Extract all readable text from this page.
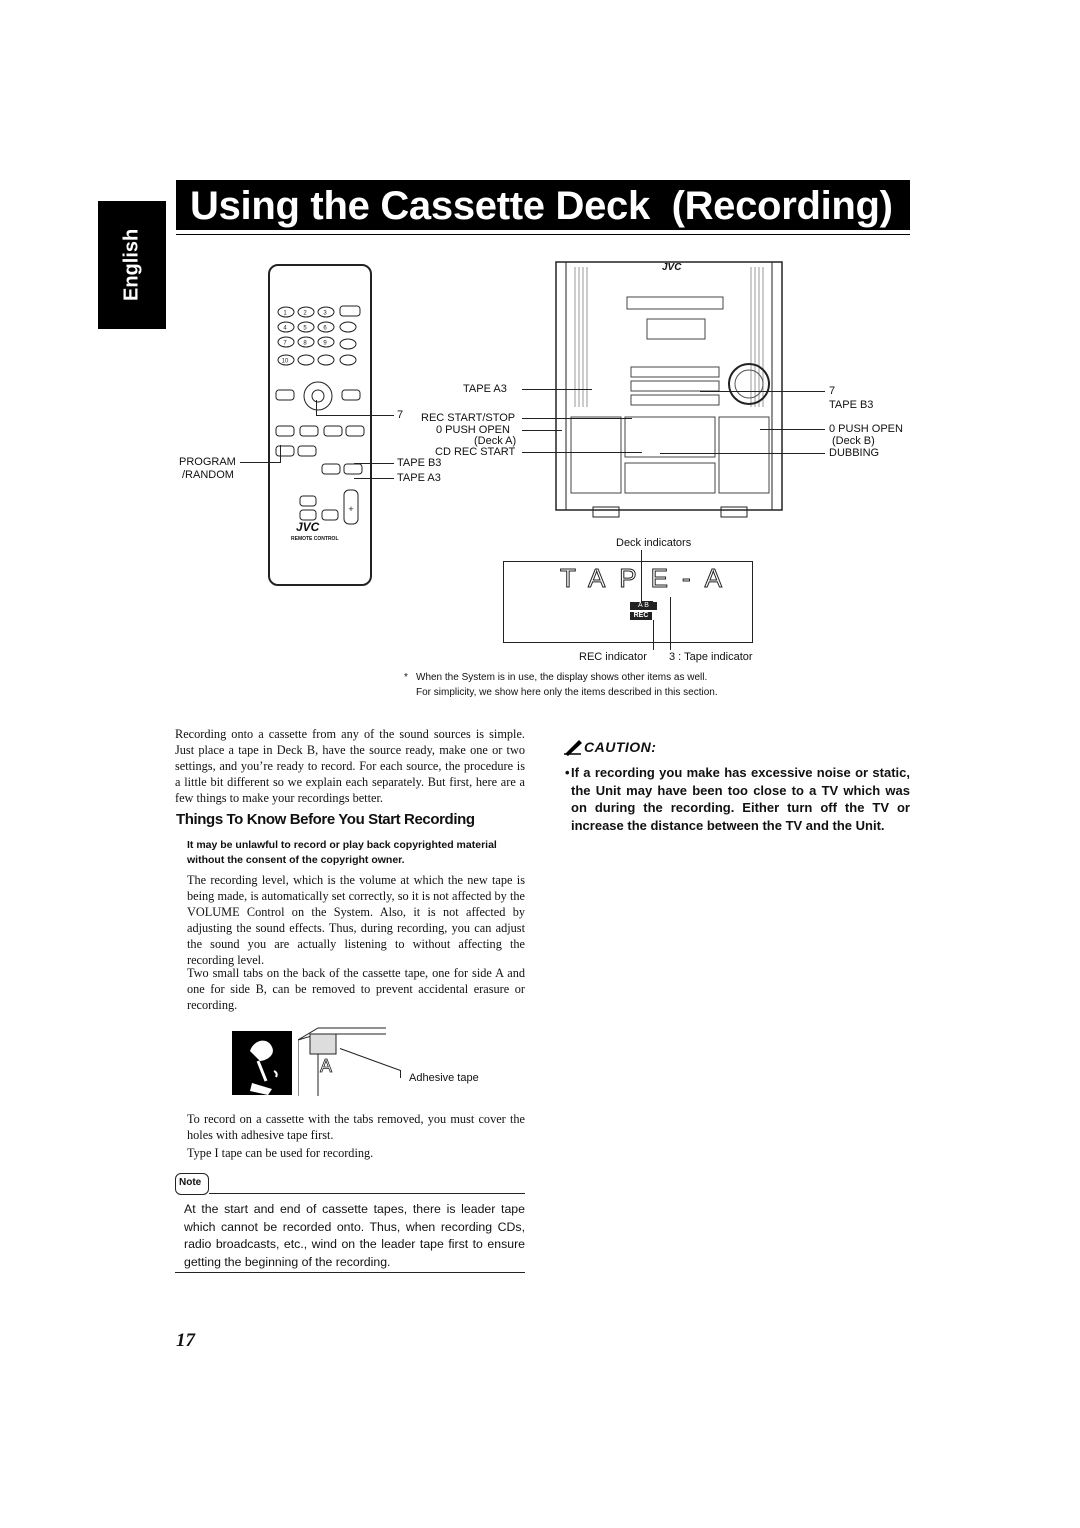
Using the Cassette Deck  (Recording)
English
1	2	3
4	5	6
7	8	9
10
+
JVC
REMOTE CONTROL
PROGRAM
/RANDOM
7
JVC
TAPE A3
REC START/STOP
0 PUSH OPEN
(Deck A)
CD REC START
TAPE B3
TAPE A3
7
TAPE B3
0 PUSH OPEN
(Deck B)
DUBBING
Deck indicators
TAPE-A
A B
REC
REC indicator 3 : Tape indicator
* When the System is in use, the display shows other items as well.
For simplicity, we show here only the items described in this section.
Recording onto a cassette from any of the sound sources is simple. Just place a tape in Deck B, have the source ready, make one or two settings, and you’re ready to record. For each source, the procedure is a little bit different so we explain each separately. But first, here are a few things to make your recordings better.
Things To Know Before You Start Recording
It may be unlawful to record or play back copyrighted material without the consent of the copyright owner.
The recording level, which is the volume at which the new tape is being made, is automatically set correctly, so it is not affected by the VOLUME Control on the System. Also, it is not affected by adjusting the sound effects. Thus, during recording, you can adjust the sound you are actually listening to without affecting the recording level.
Two small tabs on the back of the cassette tape, one for side A and one for side B, can be removed to prevent accidental erasure or recording.
A
Adhesive tape
To record on a cassette with the tabs removed, you must cover the holes with adhesive tape first.
Type I tape can be used for recording.
Note
At the start and end of cassette tapes, there is leader tape which cannot be recorded onto. Thus, when recording CDs, radio broadcasts, etc., wind on the leader tape first to ensure getting the beginning of the recording.
CAUTION:
• If a recording you make has excessive noise or static, the Unit may have been too close to a TV which was on during the recording. Either turn off the TV or increase the distance between the TV and the Unit.
17
